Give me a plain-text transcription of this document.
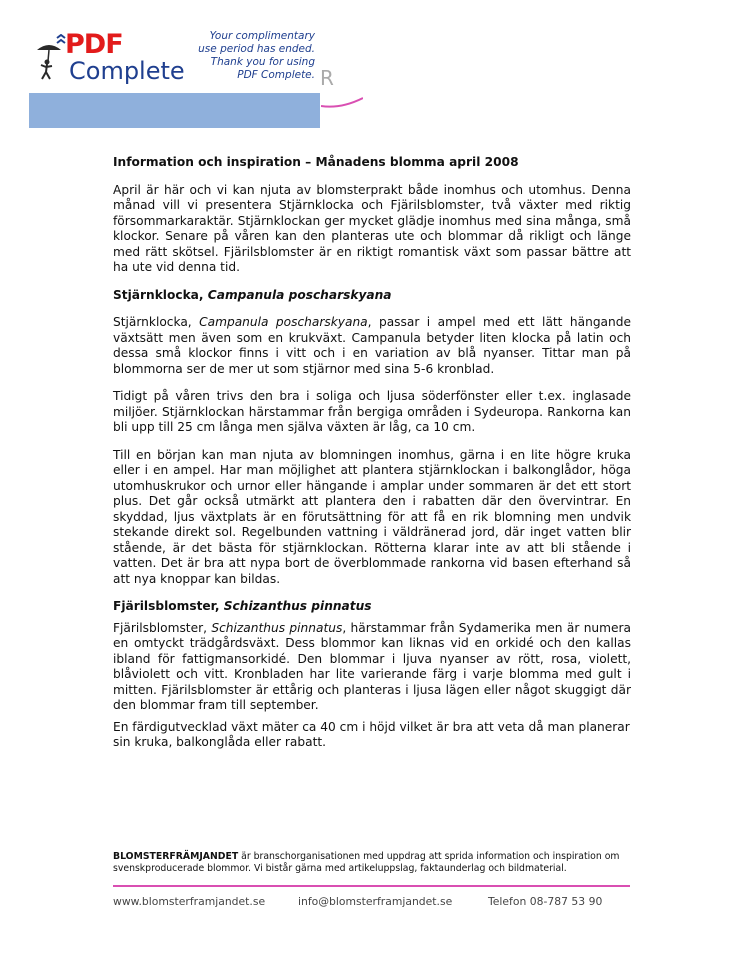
PDF
Complete
Your complimentary
use period has ended.
Thank you for using
PDF Complete.
Click Here to upgrade to
Unlimited Pages and Expanded Features
R

Information och inspiration – Månadens blomma april 2008

April är här och vi kan njuta av blomsterprakt både inomhus och utomhus. Denna månad vill vi presentera Stjärnklocka och Fjärilsblomster, två växter med riktig försommarkaraktär. Stjärnklockan ger mycket glädje inomhus med sina många, små klockor. Senare på våren kan den planteras ute och blommar då rikligt och länge med rätt skötsel. Fjärilsblomster är en riktigt romantisk växt som passar bättre att ha ute vid denna tid.

Stjärnklocka, Campanula poscharskyana

Stjärnklocka, Campanula poscharskyana, passar i ampel med ett lätt hängande växtsätt men även som en krukväxt. Campanula betyder liten klocka på latin och dessa små klockor finns i vitt och i en variation av blå nyanser. Tittar man på blommorna ser de mer ut som stjärnor med sina 5-6 kronblad.

Tidigt på våren trivs den bra i soliga och ljusa söderfönster eller t.ex. inglasade miljöer. Stjärnklockan härstammar från bergiga områden i Sydeuropa. Rankorna kan bli upp till 25 cm långa men själva växten är låg, ca 10 cm.

Till en början kan man njuta av blomningen inomhus, gärna i en lite högre kruka eller i en ampel. Har man möjlighet att plantera stjärnklockan i balkonglådor, höga utomhuskrukor och urnor eller hängande i amplar under sommaren är det ett stort plus. Det går också utmärkt att plantera den i rabatten där den övervintrar. En skyddad, ljus växtplats är en förutsättning för att få en rik blomning men undvik stekande direkt sol. Regelbunden vattning i väldränerad jord, där inget vatten blir stående, är det bästa för stjärnklockan. Rötterna klarar inte av att bli stående i vatten. Det är bra att nypa bort de överblommade rankorna vid basen efterhand så att nya knoppar kan bildas.

Fjärilsblomster, Schizanthus pinnatus

Fjärilsblomster, Schizanthus pinnatus, härstammar från Sydamerika men är numera en omtyckt trädgårdsväxt. Dess blommor kan liknas vid en orkidé och den kallas ibland för fattigmansorkidé. Den blommar i ljuva nyanser av rött, rosa, violett, blåviolett och vitt. Kronbladen har lite varierande färg i varje blomma med gult i mitten. Fjärilsblomster är ettårig och planteras i ljusa lägen eller något skuggigt där den blommar fram till september.

En färdigutvecklad växt mäter ca 40 cm i höjd vilket är bra att veta då man planerar sin kruka, balkonglåda eller rabatt.

BLOMSTERFRÄMJANDET är branschorganisationen med uppdrag att sprida information och inspiration om svenskproducerade blommor. Vi bistår gärna med artikeluppslag, faktaunderlag och bildmaterial.
www.blomsterframjandet.se	info@blomsterframjandet.se	Telefon 08-787 53 90
